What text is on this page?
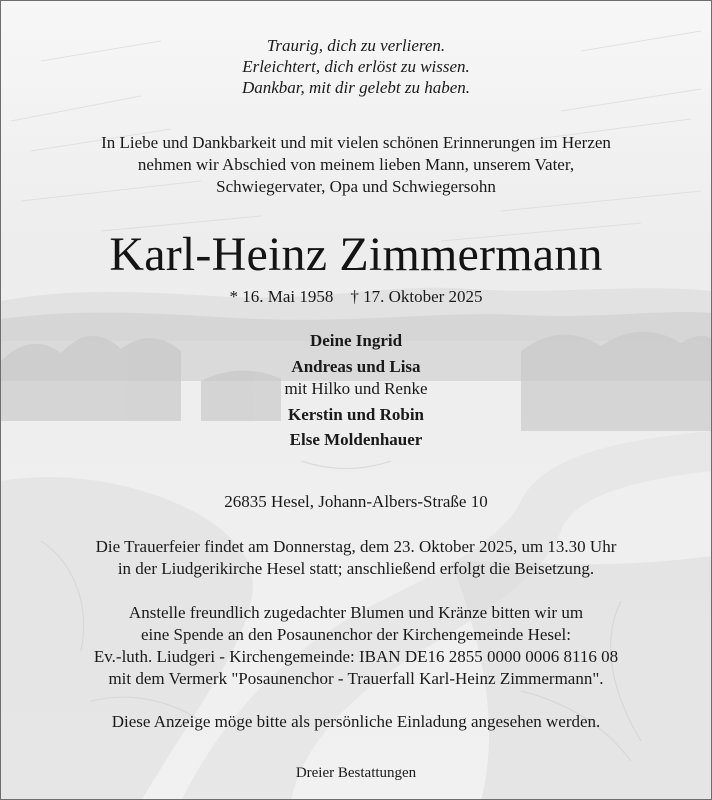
Traurig, dich zu verlieren.
Erleichtert, dich erlöst zu wissen.
Dankbar, mit dir gelebt zu haben.
In Liebe und Dankbarkeit und mit vielen schönen Erinnerungen im Herzen
nehmen wir Abschied von meinem lieben Mann, unserem Vater,
Schwiegervater, Opa und Schwiegersohn
Karl-Heinz Zimmermann
* 16. Mai 1958    † 17. Oktober 2025
Deine Ingrid
Andreas und Lisa
mit Hilko und Renke
Kerstin und Robin
Else Moldenhauer
26835 Hesel, Johann-Albers-Straße 10
Die Trauerfeier findet am Donnerstag, dem 23. Oktober 2025, um 13.30 Uhr
in der Liudgerikirche Hesel statt; anschließend erfolgt die Beisetzung.
Anstelle freundlich zugedachter Blumen und Kränze bitten wir um
eine Spende an den Posaunenchor der Kirchengemeinde Hesel:
Ev.-luth. Liudgeri - Kirchengemeinde: IBAN DE16 2855 0000 0006 8116 08
mit dem Vermerk "Posaunenchor - Trauerfall Karl-Heinz Zimmermann".
Diese Anzeige möge bitte als persönliche Einladung angesehen werden.
Dreier Bestattungen
